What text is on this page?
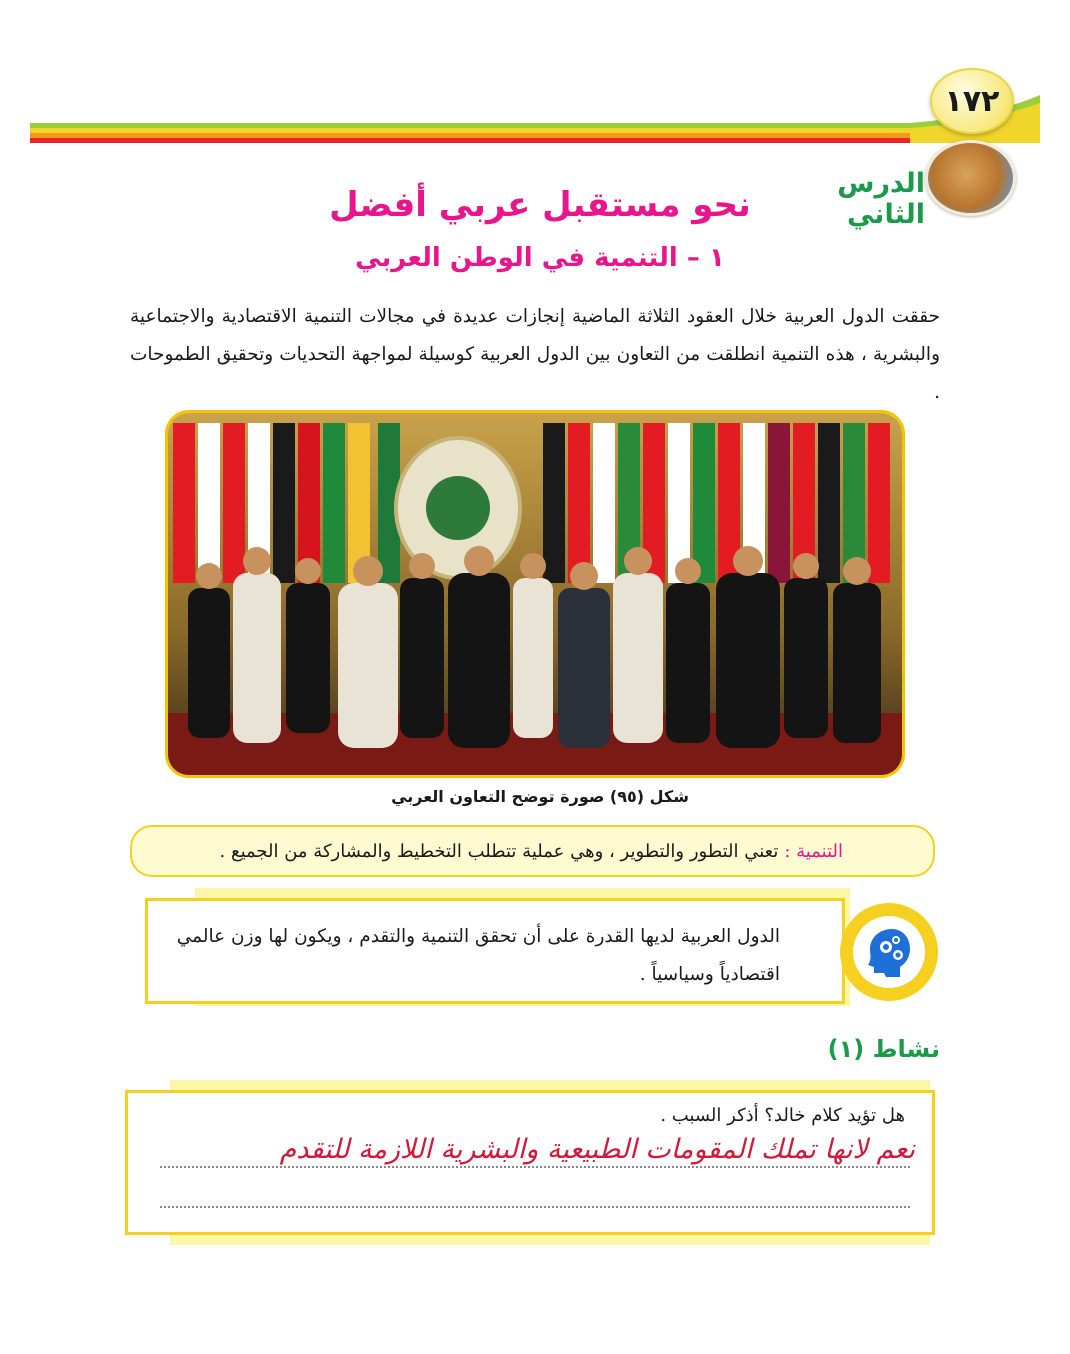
١٧٢
الدرس الثاني
نحو مستقبل عربي أفضل
١ – التنمية في الوطن العربي
حققت الدول العربية خلال العقود الثلاثة الماضية إنجازات عديدة في مجالات التنمية الاقتصادية والاجتماعية والبشرية ، هذه التنمية انطلقت من التعاون بين الدول العربية كوسيلة لمواجهة التحديات وتحقيق الطموحات .
شكل (٩٥) صورة توضح التعاون العربي
التنمية :
تعني التطور والتطوير ، وهي عملية تتطلب التخطيط والمشاركة من الجميع .
الدول العربية لديها القدرة على أن تحقق التنمية والتقدم ، ويكون لها وزن عالمي اقتصادياً وسياسياً .
نشاط (١)
هل تؤيد كلام خالد؟ أذكر السبب .
نعم لانها تملك المقومات الطبيعية والبشرية اللازمة للتقدم
